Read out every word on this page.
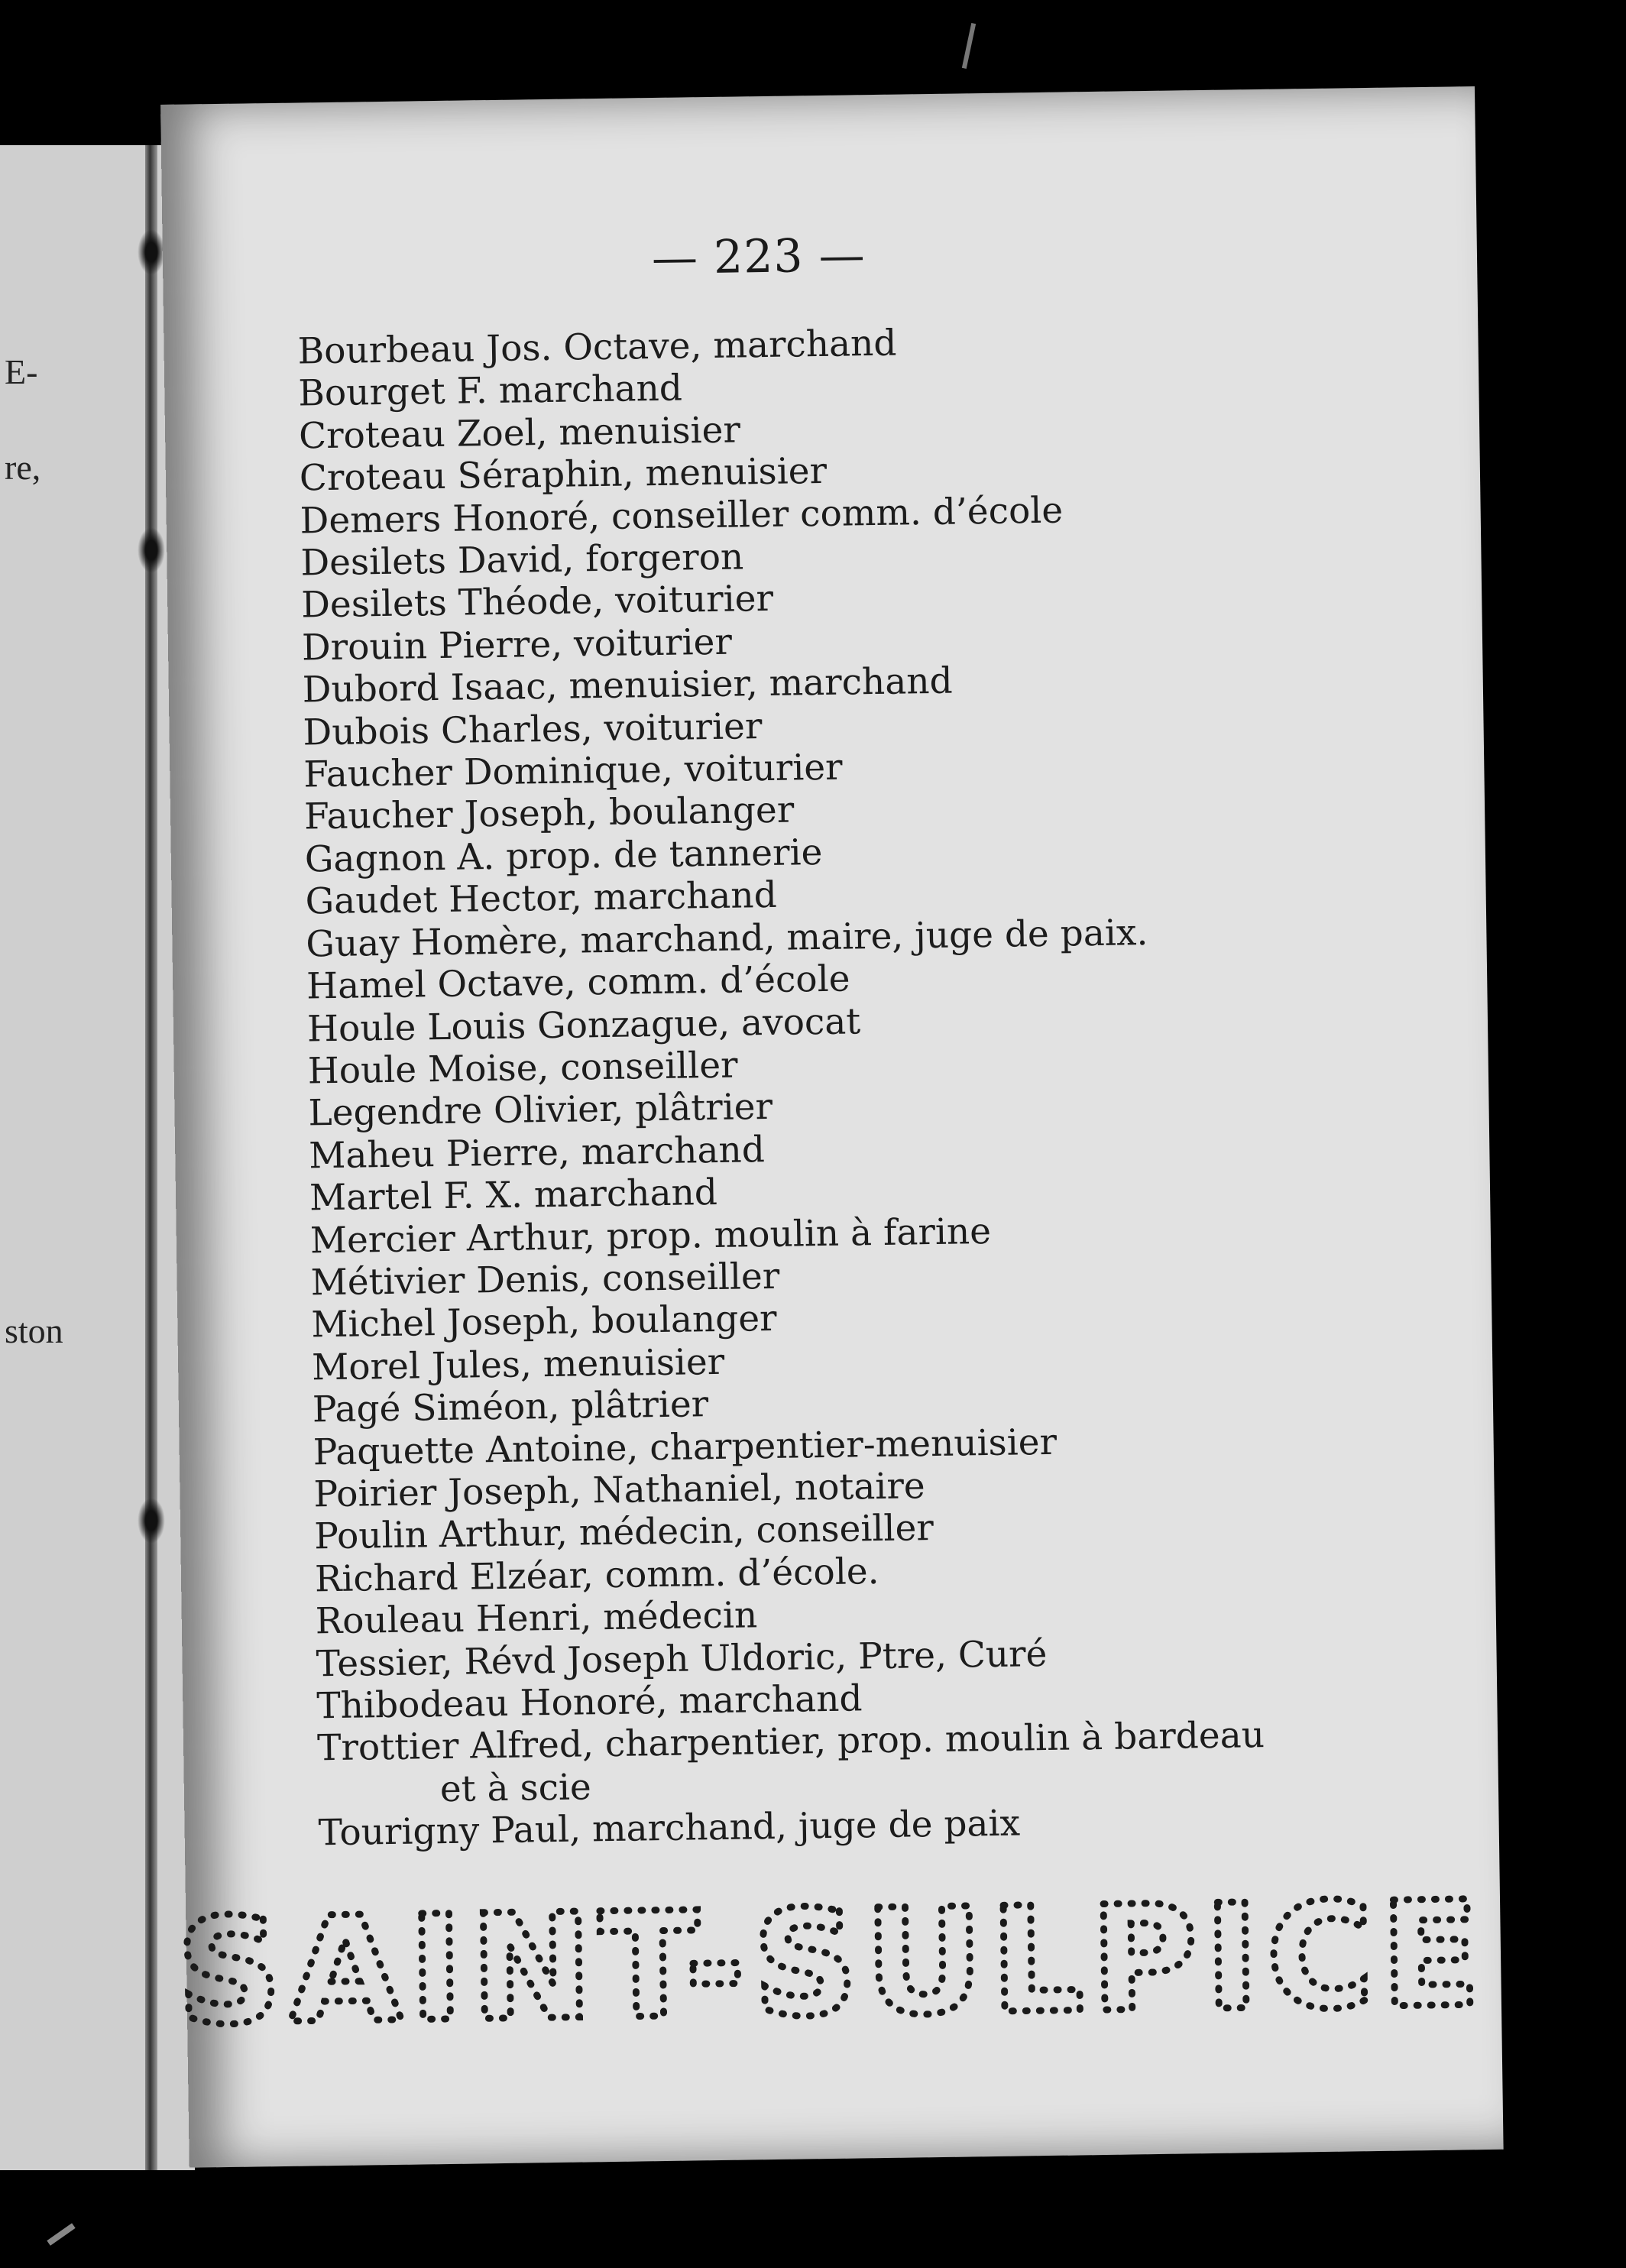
E-
re,
ston
— 223 —
Bourbeau Jos. Octave, marchand
Bourget F. marchand
Croteau Zoel, menuisier
Croteau Séraphin, menuisier
Demers Honoré, conseiller comm. d’école
Desilets David, forgeron
Desilets Théode, voiturier
Drouin Pierre, voiturier
Dubord Isaac, menuisier, marchand
Dubois Charles, voiturier
Faucher Dominique, voiturier
Faucher Joseph, boulanger
Gagnon A. prop. de tannerie
Gaudet Hector, marchand
Guay Homère, marchand, maire, juge de paix.
Hamel Octave, comm. d’école
Houle Louis Gonzague, avocat
Houle Moise, conseiller
Legendre Olivier, plâtrier
Maheu Pierre, marchand
Martel F. X. marchand
Mercier Arthur, prop. moulin à farine
Métivier Denis, conseiller
Michel Joseph, boulanger
Morel Jules, menuisier
Pagé Siméon, plâtrier
Paquette Antoine, charpentier-menuisier
Poirier Joseph, Nathaniel, notaire
Poulin Arthur, médecin, conseiller
Richard Elzéar, comm. d’école.
Rouleau Henri, médecin
Tessier, Révd Joseph Uldoric, Ptre, Curé
Thibodeau Honoré, marchand
Trottier Alfred, charpentier, prop. moulin à bardeau
et à scie
Tourigny Paul, marchand, juge de paix
SAINT-SULPICE
